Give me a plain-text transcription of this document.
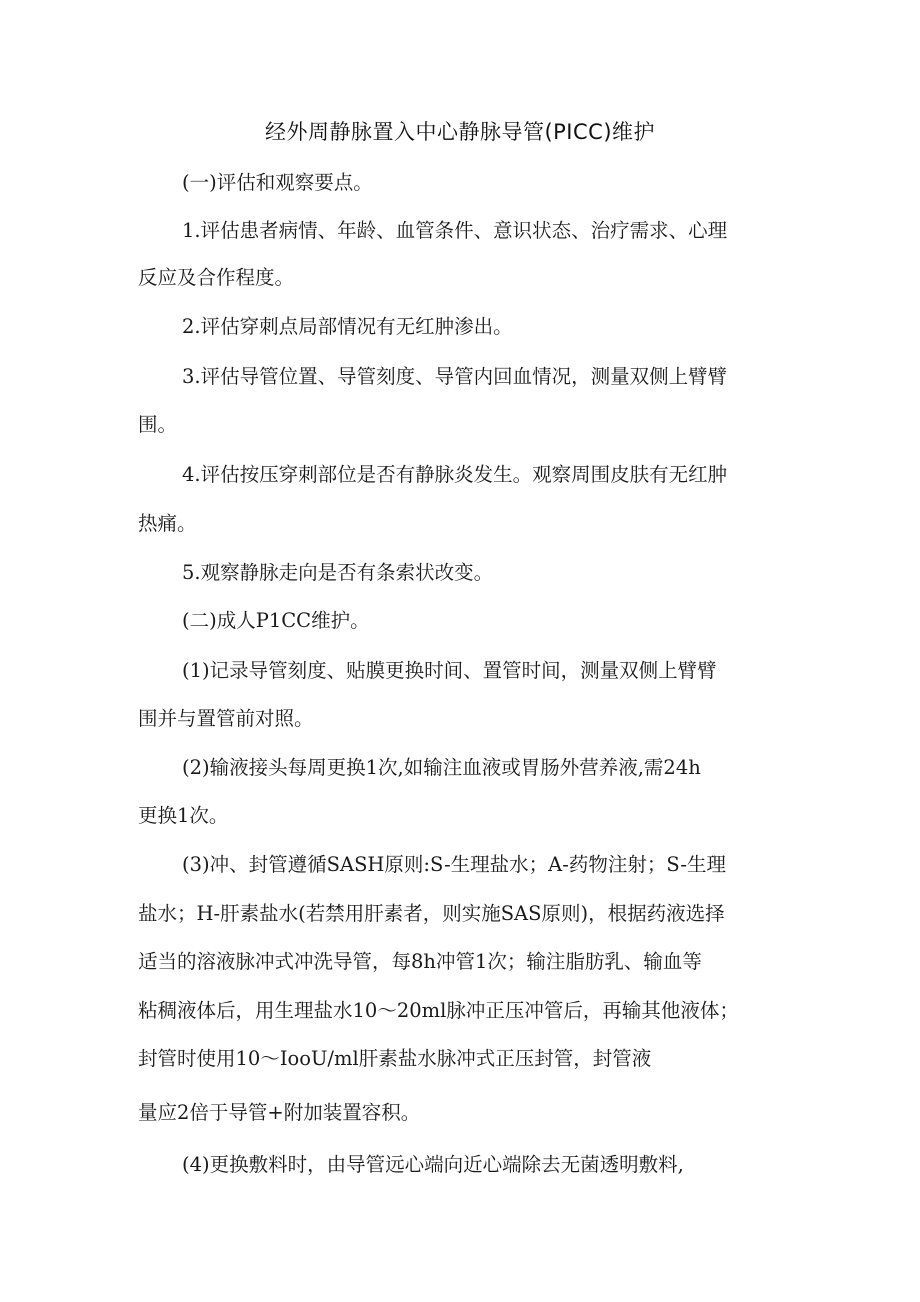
经外周静脉置入中心静脉导管(PICC)维护
(一)评估和观察要点。
1.评估患者病情、年龄、血管条件、意识状态、治疗需求、心理
反应及合作程度。
2.评估穿刺点局部情况有无红肿渗出。
3.评估导管位置、导管刻度、导管内回血情况，测量双侧上臂臂
围。
4.评估按压穿刺部位是否有静脉炎发生。观察周围皮肤有无红肿
热痛。
5.观察静脉走向是否有条索状改变。
(二)成人P1CC维护。
(1)记录导管刻度、贴膜更换时间、置管时间，测量双侧上臂臂
围并与置管前对照。
(2)输液接头每周更换1次,如输注血液或胃肠外营养液,需24h
更换1次。
(3)冲、封管遵循SASH原则:S-生理盐水；A-药物注射；S-生理
盐水；H-肝素盐水(若禁用肝素者，则实施SAS原则)，根据药液选择
适当的溶液脉冲式冲洗导管，每8h冲管1次；输注脂肪乳、输血等
粘稠液体后，用生理盐水10～20ml脉冲正压冲管后，再输其他液体；
封管时使用10～IooU/ml肝素盐水脉冲式正压封管，封管液
量应2倍于导管+附加装置容积。
(4)更换敷料时，由导管远心端向近心端除去无菌透明敷料,
